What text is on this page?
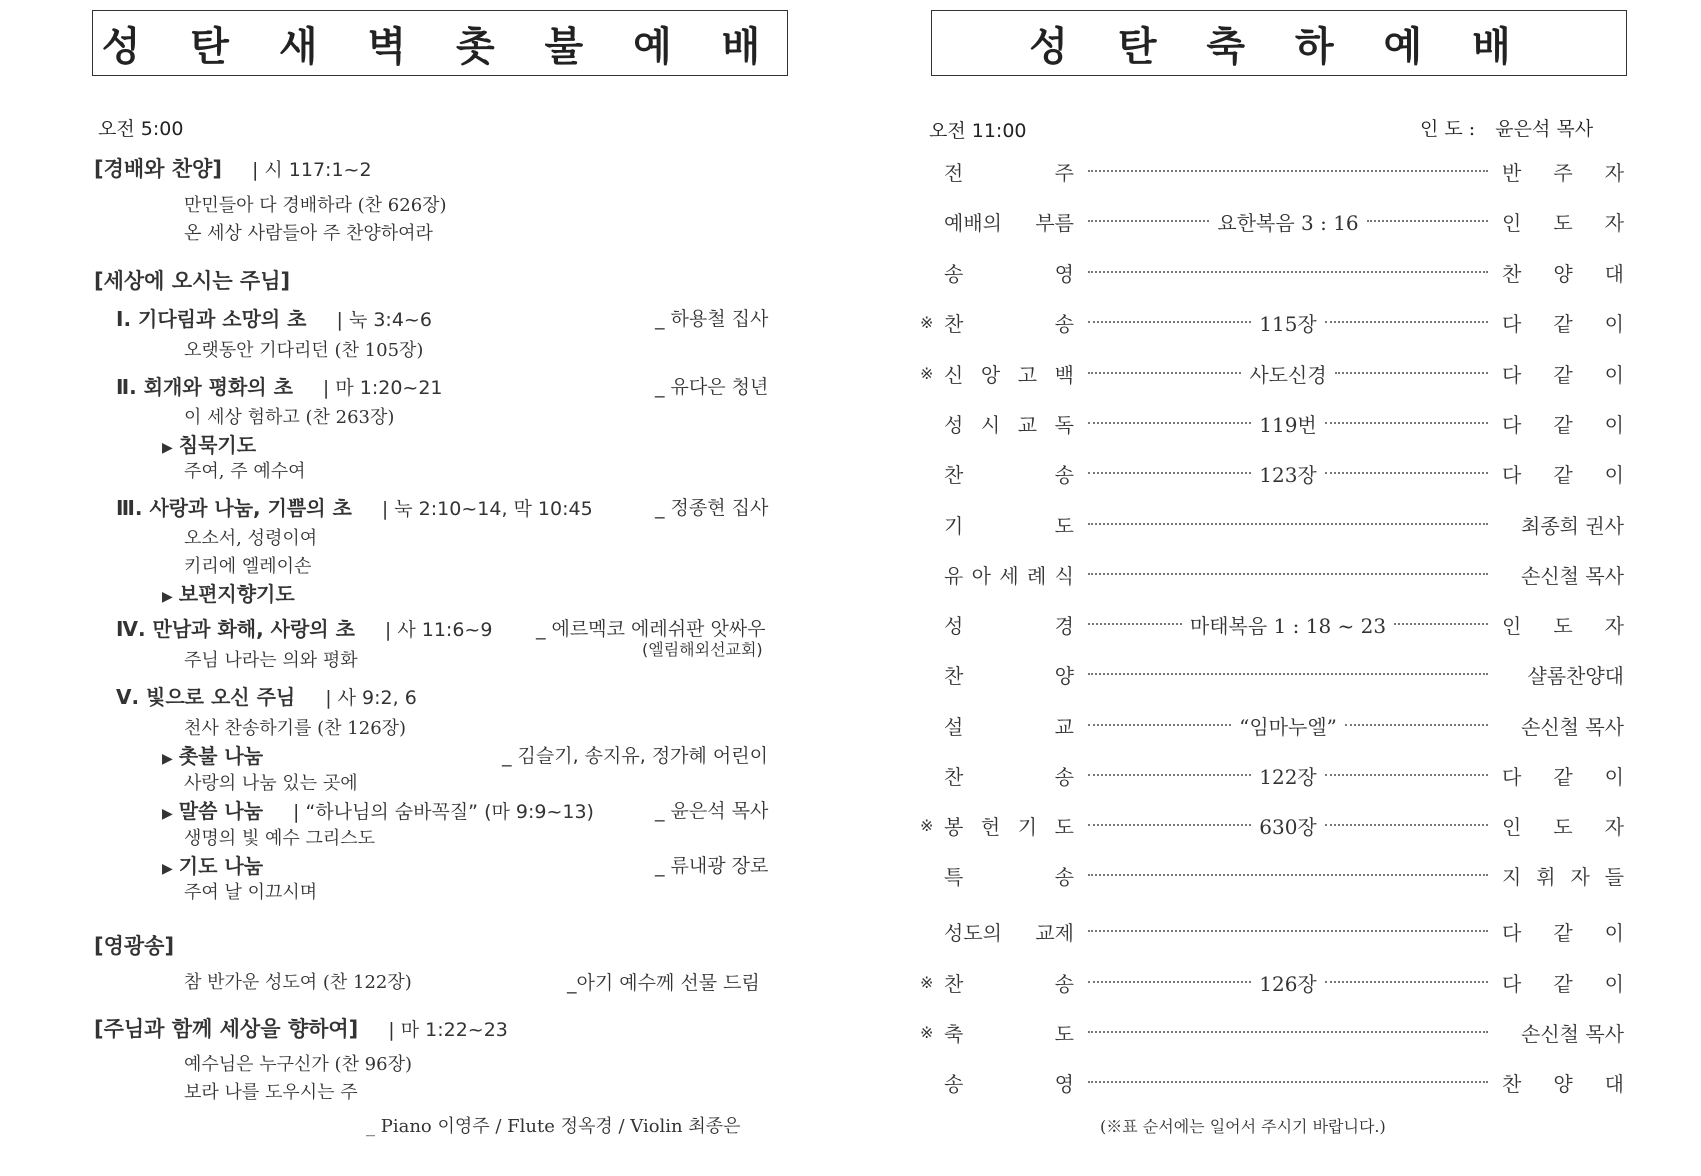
성 탄 새 벽 촛 불 예 배
오전 5:00
[경배와 찬양] | 시 117:1~2
만민들아 다 경배하라 (찬 626장)
온 세상 사람들아 주 찬양하여라
[세상에 오시는 주님]
Ⅰ. 기다림과 소망의 초 | 눅 3:4~6	_ 하용철 집사
오랫동안 기다리던 (찬 105장)
Ⅱ. 회개와 평화의 초 | 마 1:20~21	_ 유다은 청년
이 세상 험하고 (찬 263장)
▶ 침묵기도
주여, 주 예수여
Ⅲ. 사랑과 나눔, 기쁨의 초 | 눅 2:10~14, 막 10:45	_ 정종현 집사
오소서, 성령이여
키리에 엘레이손
▶ 보편지향기도
Ⅳ. 만남과 화해, 사랑의 초 | 사 11:6~9 _ 에르멕코 에레쉬판 앗싸우
(엘림해외선교회)
주님 나라는 의와 평화
Ⅴ. 빛으로 오신 주님 | 사 9:2, 6
천사 찬송하기를 (찬 126장)
▶ 촛불 나눔	_ 김슬기, 송지유, 정가혜 어린이
사랑의 나눔 있는 곳에
▶ 말씀 나눔 | “하나님의 숨바꼭질” (마 9:9~13)	_ 윤은석 목사
생명의 빛 예수 그리스도
▶ 기도 나눔	_ 류내광 장로
주여 날 이끄시며
[영광송]
참 반가운 성도여 (찬 122장)	_아기 예수께 선물 드림
[주님과 함께 세상을 향하여] | 마 1:22~23
예수님은 누구신가 (찬 96장)
보라 나를 도우시는 주
_ Piano 이영주 / Flute 정옥경 / Violin 최종은
성 탄 축 하 예 배
오전 11:00	인 도 : 윤은석 목사
전	주	반 주 자
예배의 부름	요한복음 3 : 16	인 도 자
송	영	찬 양 대
※ 찬	송	115장	다 같 이
※ 신 앙 고 백	사도신경	다 같 이
성 시 교 독	119번	다 같 이
찬	송	123장	다 같 이
기	도	최종희 권사
유 아 세 례 식	손신철 목사
성	경	마태복음 1 : 18 ~ 23	인 도 자
찬	양	샬롬찬양대
설	교	“임마누엘”	손신철 목사
찬	송	122장	다 같 이
※ 봉 헌 기 도	630장	인 도 자
특	송	지 휘 자 들
성도의 교제	다 같 이
※ 찬	송	126장	다 같 이
※ 축	도	손신철 목사
송	영	찬 양 대
(※표 순서에는 일어서 주시기 바랍니다.)
